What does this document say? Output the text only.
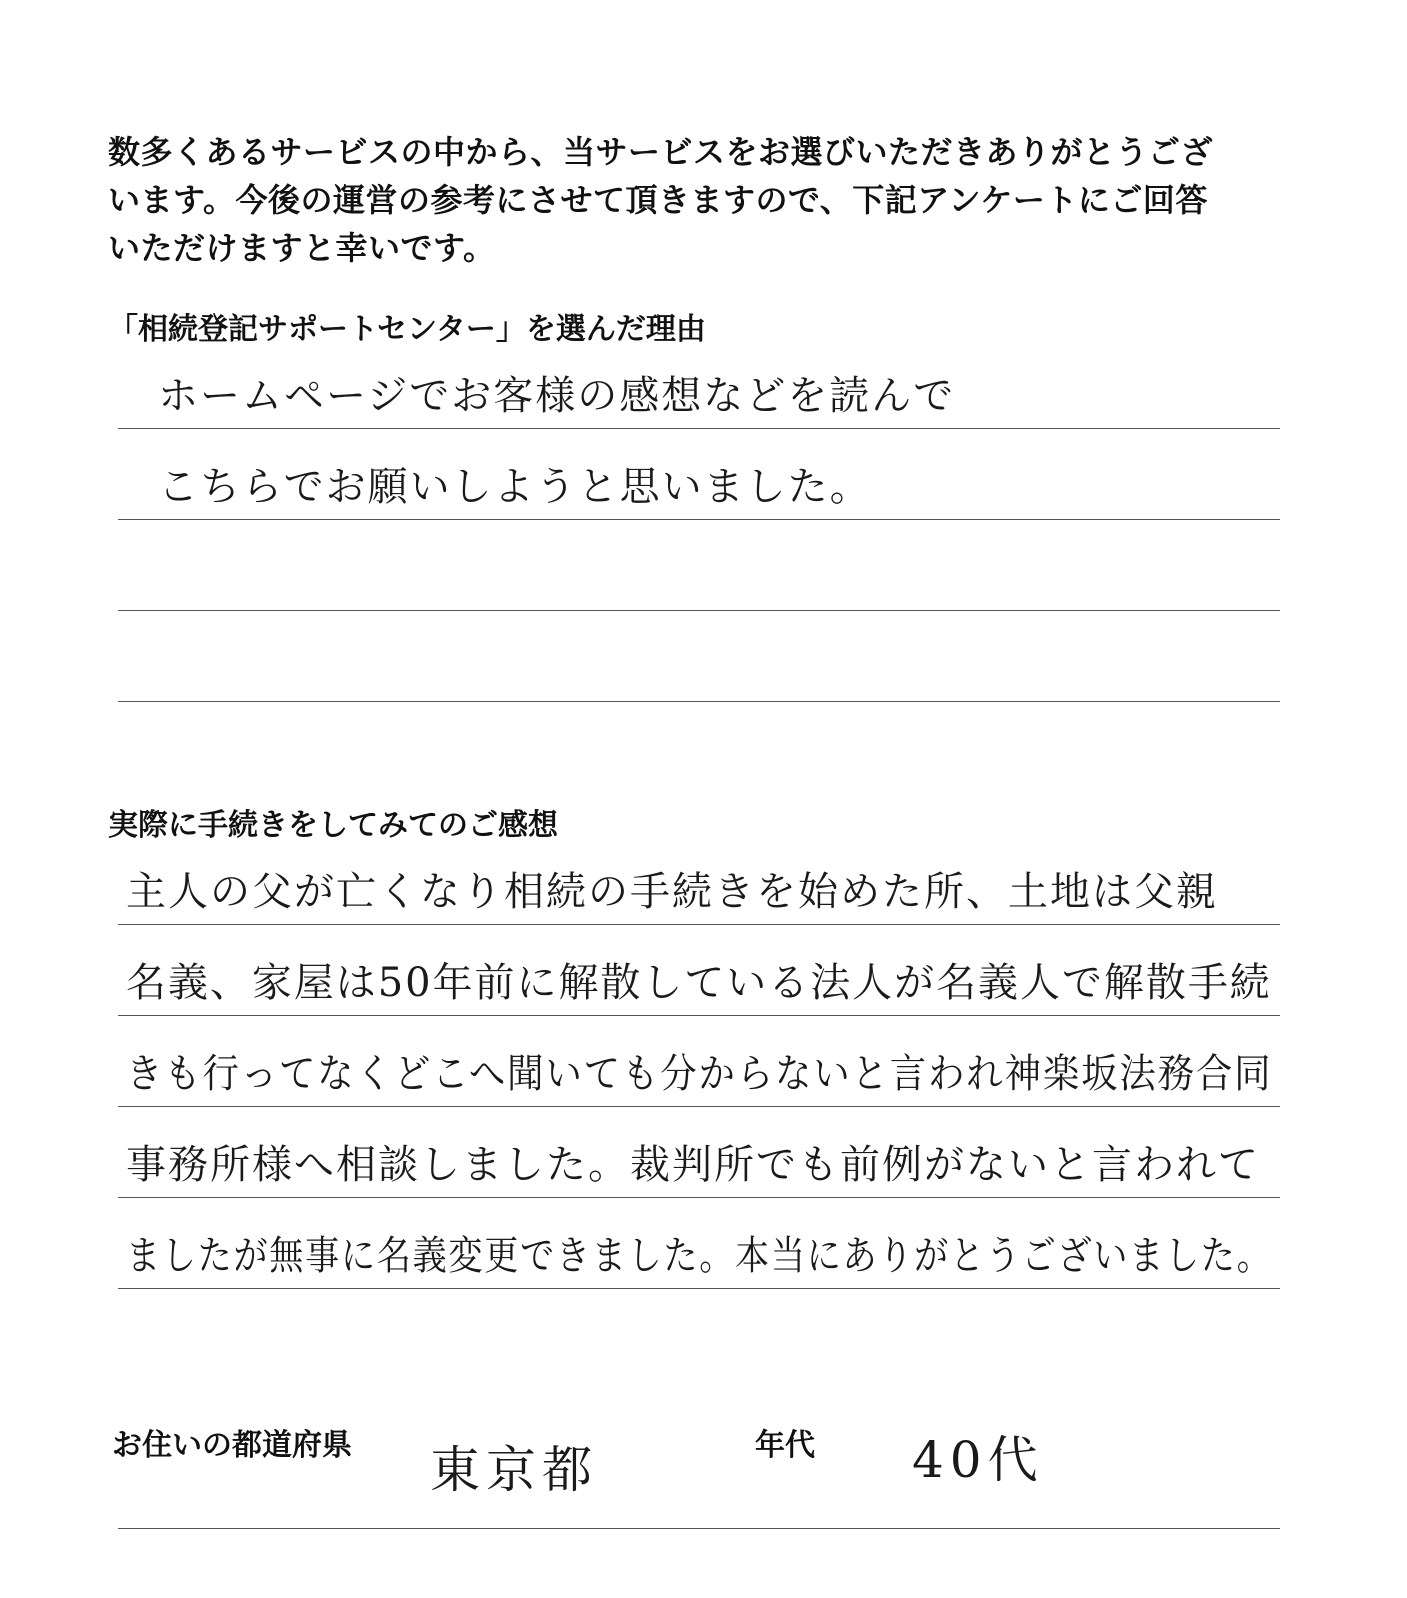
数多くあるサービスの中から、当サービスをお選びいただきありがとうござ
います。今後の運営の参考にさせて頂きますので、下記アンケートにご回答
いただけますと幸いです。
「相続登記サポートセンター」を選んだ理由
ホームページでお客様の感想などを読んで
こちらでお願いしようと思いました。
実際に手続きをしてみてのご感想
主人の父が亡くなり相続の手続きを始めた所、土地は父親
名義、家屋は50年前に解散している法人が名義人で解散手続
きも行ってなくどこへ聞いても分からないと言われ神楽坂法務合同
事務所様へ相談しました。裁判所でも前例がないと言われて
ましたが無事に名義変更できました。本当にありがとうございました。
お住いの都道府県 東京都	年代 40代
